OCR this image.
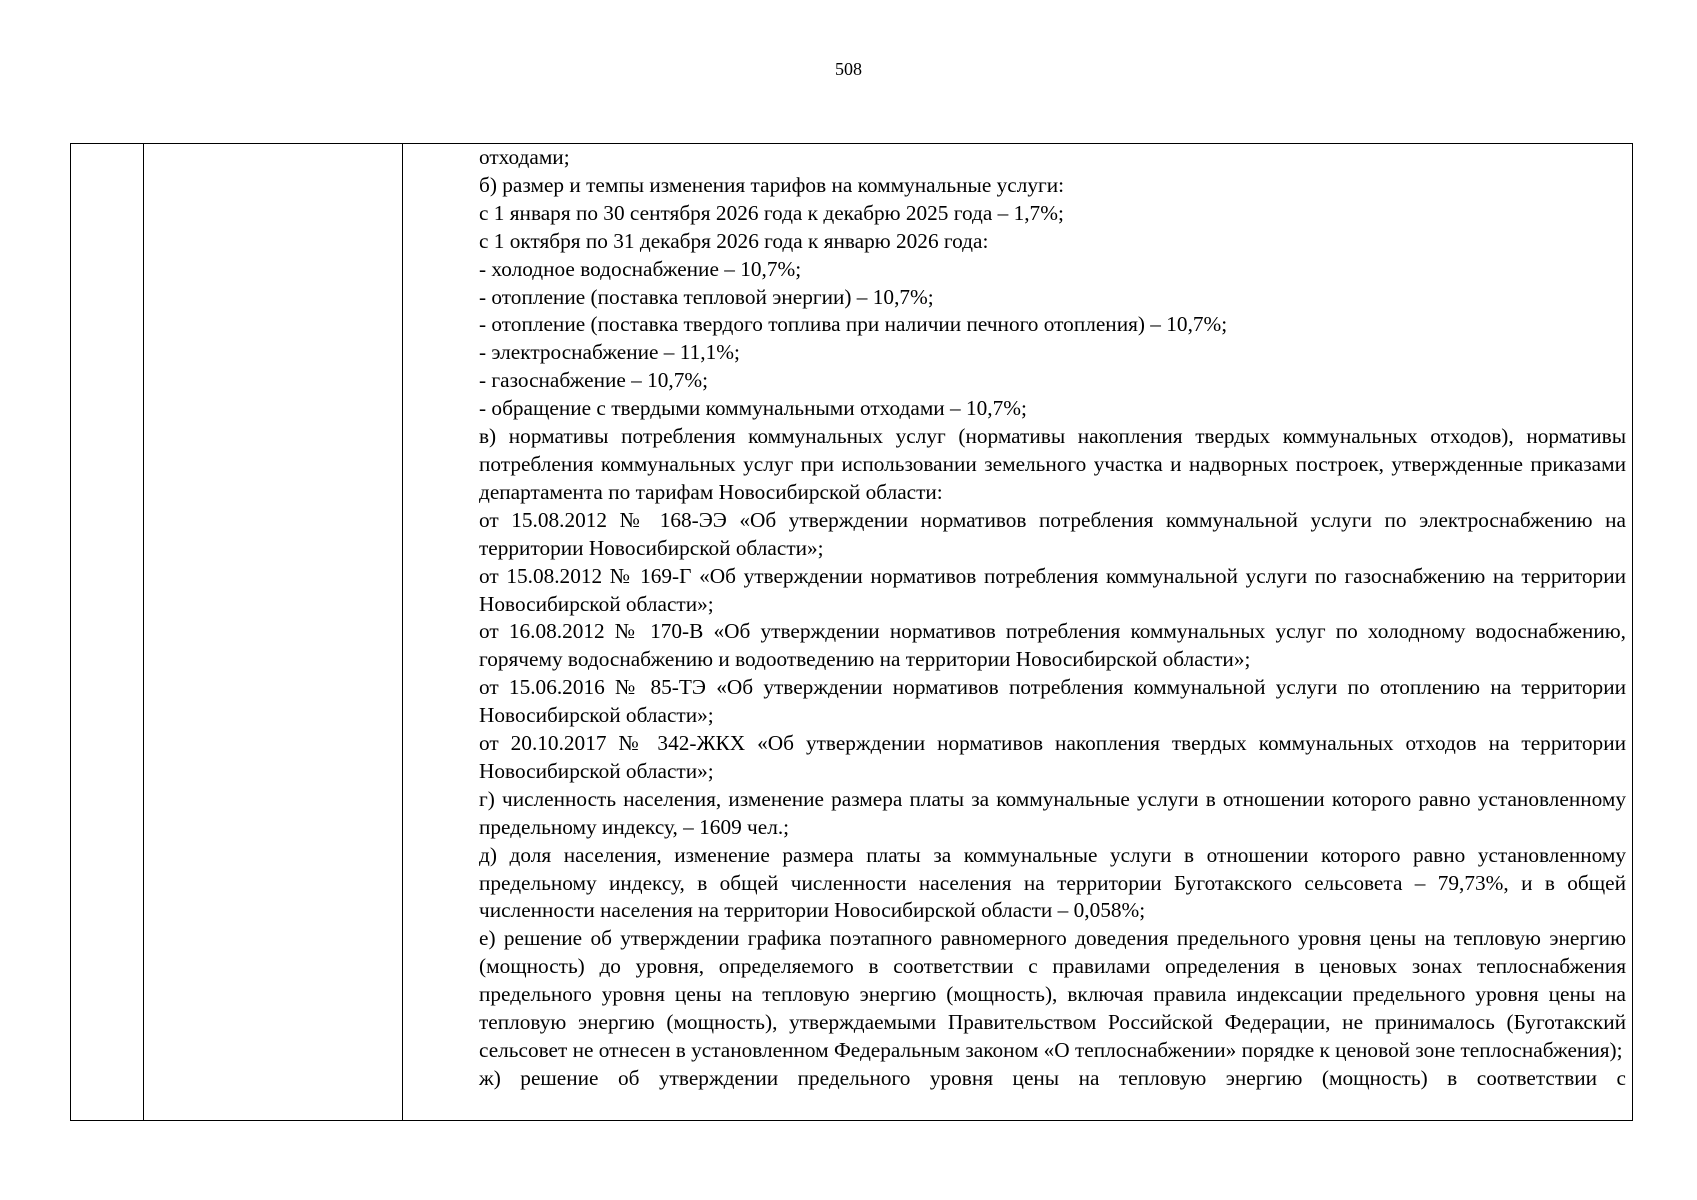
508

отходами;

б) размер и темпы изменения тарифов на коммунальные услуги:

с 1 января по 30 сентября 2026 года к декабрю 2025 года – 1,7%;

с 1 октября по 31 декабря 2026 года к январю 2026 года:

- холодное водоснабжение – 10,7%;

- отопление (поставка тепловой энергии) – 10,7%;

- отопление (поставка твердого топлива при наличии печного отопления) – 10,7%;

- электроснабжение – 11,1%;

- газоснабжение – 10,7%;

- обращение с твердыми коммунальными отходами – 10,7%;

в) нормативы потребления коммунальных услуг (нормативы накопления твердых коммунальных отходов), нормативы потребления коммунальных услуг при использовании земельного участка и надворных построек, утвержденные приказами департамента по тарифам Новосибирской области:

от 15.08.2012 № 168-ЭЭ «Об утверждении нормативов потребления коммунальной услуги по электроснабжению на территории Новосибирской области»;

от 15.08.2012 № 169-Г «Об утверждении нормативов потребления коммунальной услуги по газоснабжению на территории Новосибирской области»;

от 16.08.2012 № 170-В «Об утверждении нормативов потребления коммунальных услуг по холодному водоснабжению, горячему водоснабжению и водоотведению на территории Новосибирской области»;

от 15.06.2016 № 85-ТЭ «Об утверждении нормативов потребления коммунальной услуги по отоплению на территории Новосибирской области»;

от 20.10.2017 № 342-ЖКХ «Об утверждении нормативов накопления твердых коммунальных отходов на территории Новосибирской области»;

г) численность населения, изменение размера платы за коммунальные услуги в отношении которого равно установленному предельному индексу, – 1609 чел.;

д) доля населения, изменение размера платы за коммунальные услуги в отношении которого равно установленному предельному индексу, в общей численности населения на территории Буготакского сельсовета – 79,73%, и в общей численности населения на территории Новосибирской области – 0,058%;

е) решение об утверждении графика поэтапного равномерного доведения предельного уровня цены на тепловую энергию (мощность) до уровня, определяемого в соответствии с правилами определения в ценовых зонах теплоснабжения предельного уровня цены на тепловую энергию (мощность), включая правила индексации предельного уровня цены на тепловую энергию (мощность), утверждаемыми Правительством Российской Федерации, не принималось (Буготакский сельсовет не отнесен в установленном Федеральным законом «О теплоснабжении» порядке к ценовой зоне теплоснабжения);

ж) решение об утверждении предельного уровня цены на тепловую энергию (мощность) в соответствии с
